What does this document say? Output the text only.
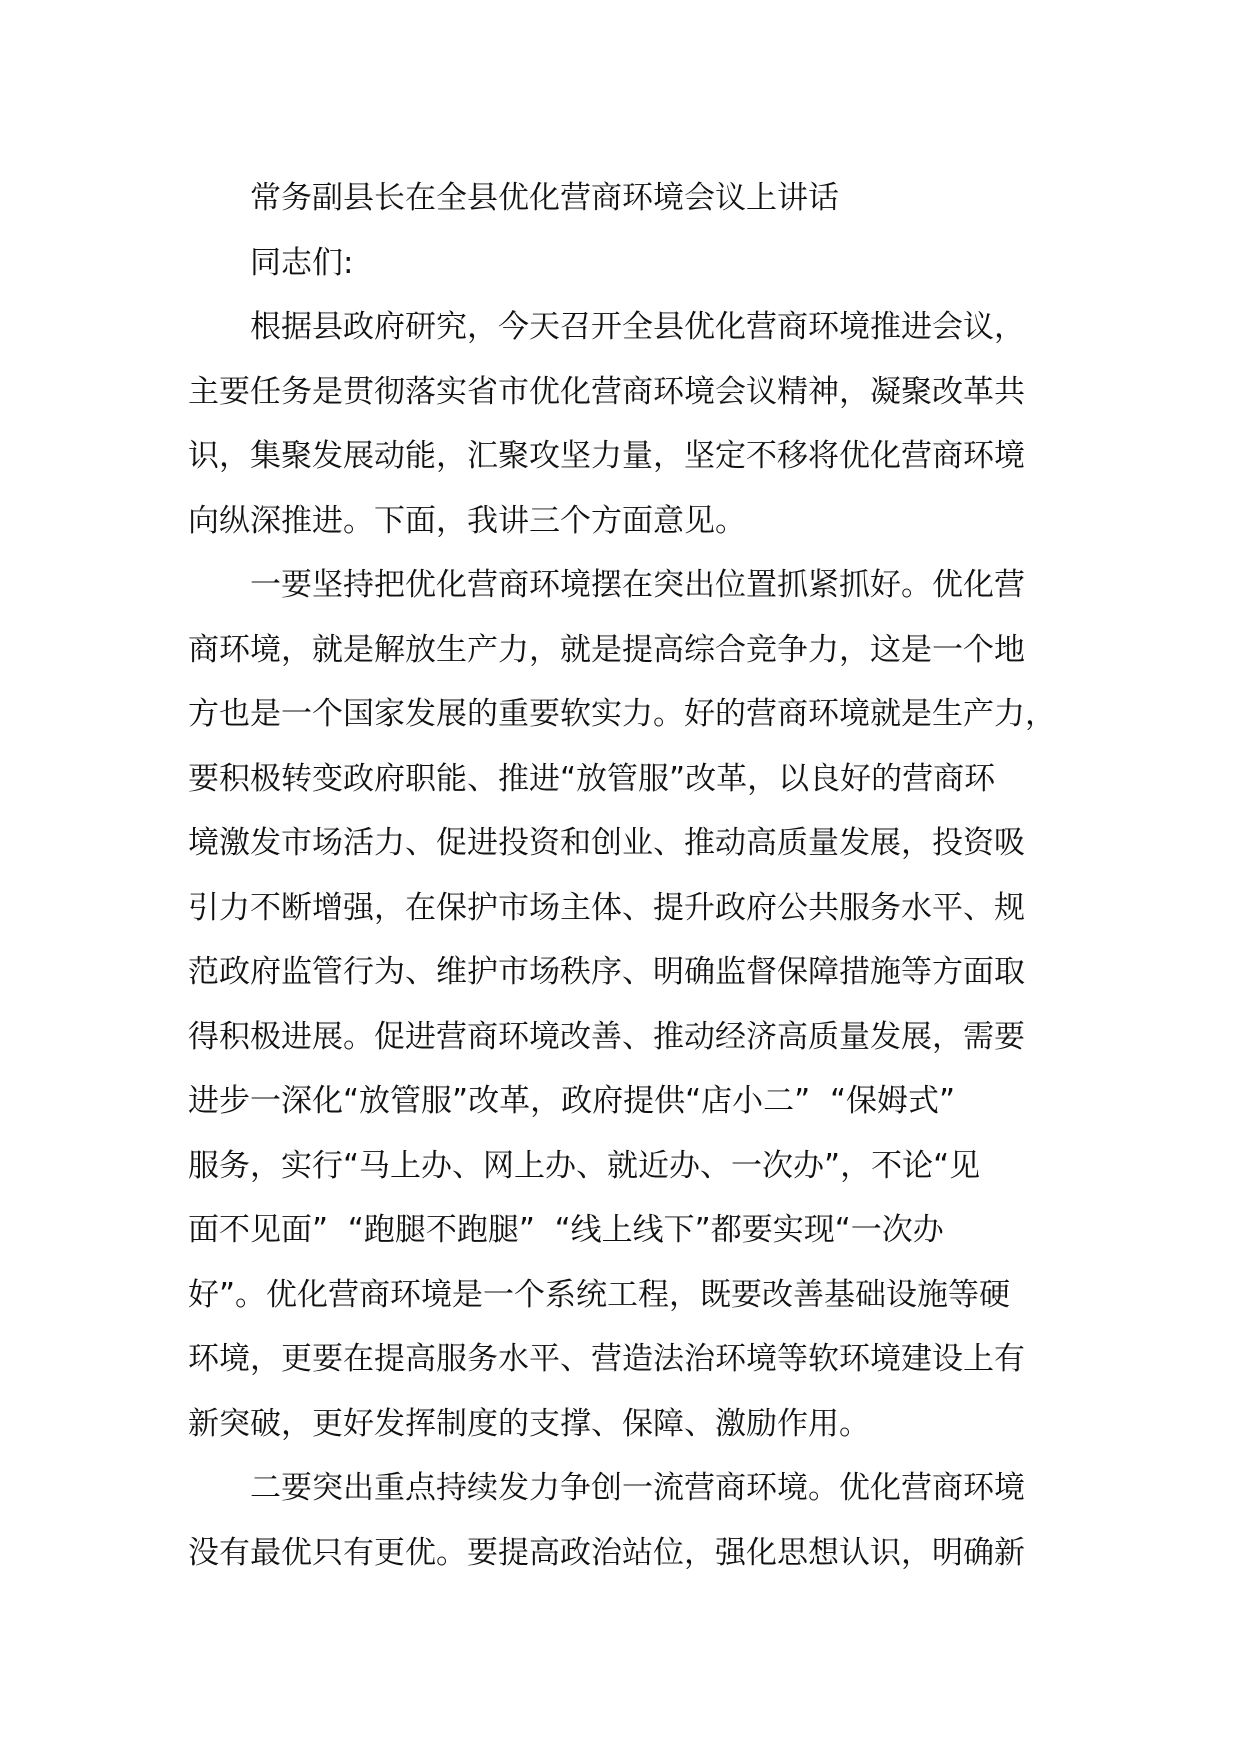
常务副县长在全县优化营商环境会议上讲话
同志们:
根据县政府研究，今天召开全县优化营商环境推进会议，
主要任务是贯彻落实省市优化营商环境会议精神，凝聚改革共
识，集聚发展动能，汇聚攻坚力量，坚定不移将优化营商环境
向纵深推进。下面，我讲三个方面意见。
一要坚持把优化营商环境摆在突出位置抓紧抓好。优化营
商环境，就是解放生产力，就是提高综合竞争力，这是一个地
方也是一个国家发展的重要软实力。好的营商环境就是生产力，
要积极转变政府职能、推进“放管服”改革，以良好的营商环
境激发市场活力、促进投资和创业、推动高质量发展，投资吸
引力不断增强，在保护市场主体、提升政府公共服务水平、规
范政府监管行为、维护市场秩序、明确监督保障措施等方面取
得积极进展。促进营商环境改善、推动经济高质量发展，需要
进步一深化“放管服”改革，政府提供“店小二”  “保姆式”
服务，实行“马上办、网上办、就近办、一次办”，不论“见
面不见面”  “跑腿不跑腿”  “线上线下”都要实现“一次办
好”。优化营商环境是一个系统工程，既要改善基础设施等硬
环境，更要在提高服务水平、营造法治环境等软环境建设上有
新突破，更好发挥制度的支撑、保障、激励作用。
二要突出重点持续发力争创一流营商环境。优化营商环境
没有最优只有更优。要提高政治站位，强化思想认识，明确新
